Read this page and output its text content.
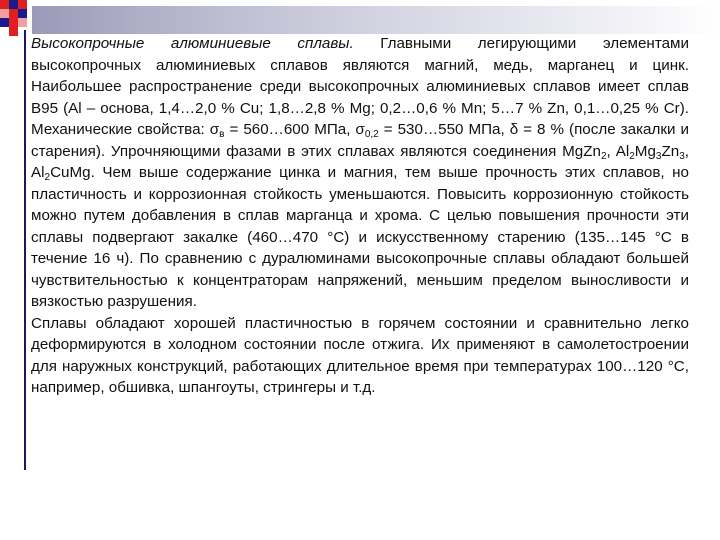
Высокопрочные алюминиевые сплавы. Главными легирующими элементами высокопрочных алюминиевых сплавов являются магний, медь, марганец и цинк. Наибольшее распространение среди высокопрочных алюминиевых сплавов имеет сплав В95 (Al – основа, 1,4…2,0 % Cu; 1,8…2,8 % Mg; 0,2…0,6 % Mn; 5…7 % Zn, 0,1…0,25 % Cr). Механические свойства: $\sigma_в$ = 560…600 МПа, $\sigma_{0,2}$ = 530…550 МПа, δ = 8 % (после закалки и старения). Упрочняющими фазами в этих сплавах являются соединения MgZn$_2$, $Al_2Mg_3Zn_3$, $Al_2CuMg$. Чем выше содержание цинка и магния, тем выше прочность этих сплавов, но пластичность и коррозионная стойкость уменьшаются. Повысить коррозионную стойкость можно путем добавления в сплав марганца и хрома. С целью повышения прочности эти сплавы подвергают закалке (460…470 °С) и искусственному старению (135…145 °С в течение 16 ч). По сравнению с дуралюминами высокопрочные сплавы обладают большей чувствительностью к концентраторам напряжений, меньшим пределом выносливости и вязкостью разрушения.

Сплавы обладают хорошей пластичностью в горячем состоянии и сравнительно легко деформируются в холодном состоянии после отжига. Их применяют в самолетостроении для наружных конструкций, работающих длительное время при температурах 100…120 °С, например, обшивка, шпангоуты, стрингеры и т.д.
